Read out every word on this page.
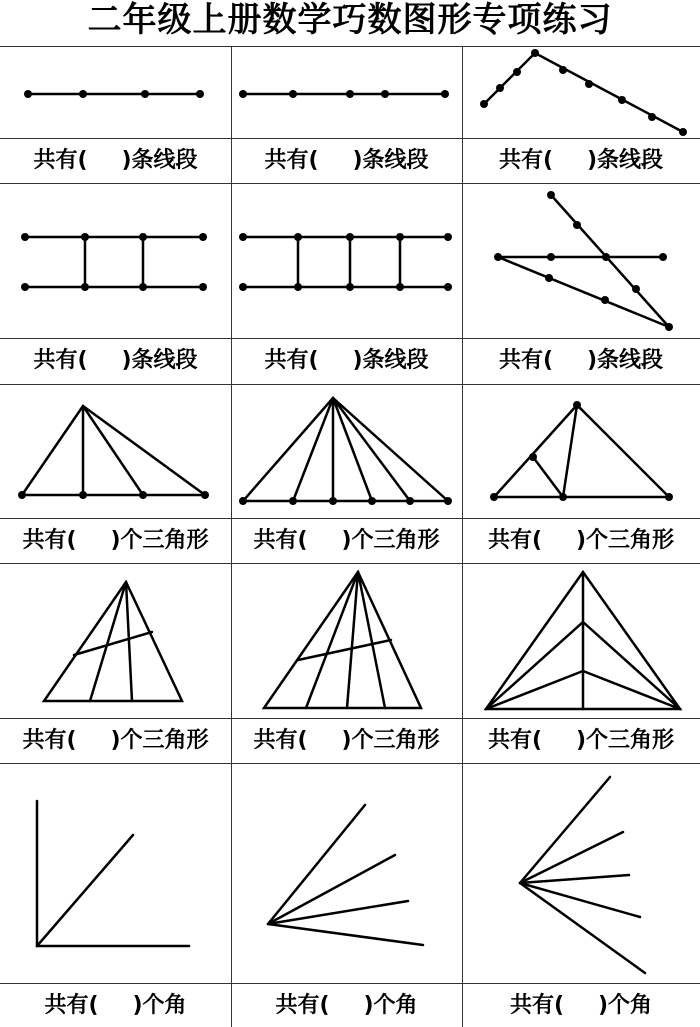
二年级上册数学巧数图形专项练习
共有( )条线段	共有( )条线段	共有( )条线段
共有( )条线段	共有( )条线段	共有( )条线段
共有( )个三角形	共有( )个三角形	共有( )个三角形
共有( )个三角形	共有( )个三角形	共有( )个三角形
共有( )个角	共有( )个角	共有( )个角
